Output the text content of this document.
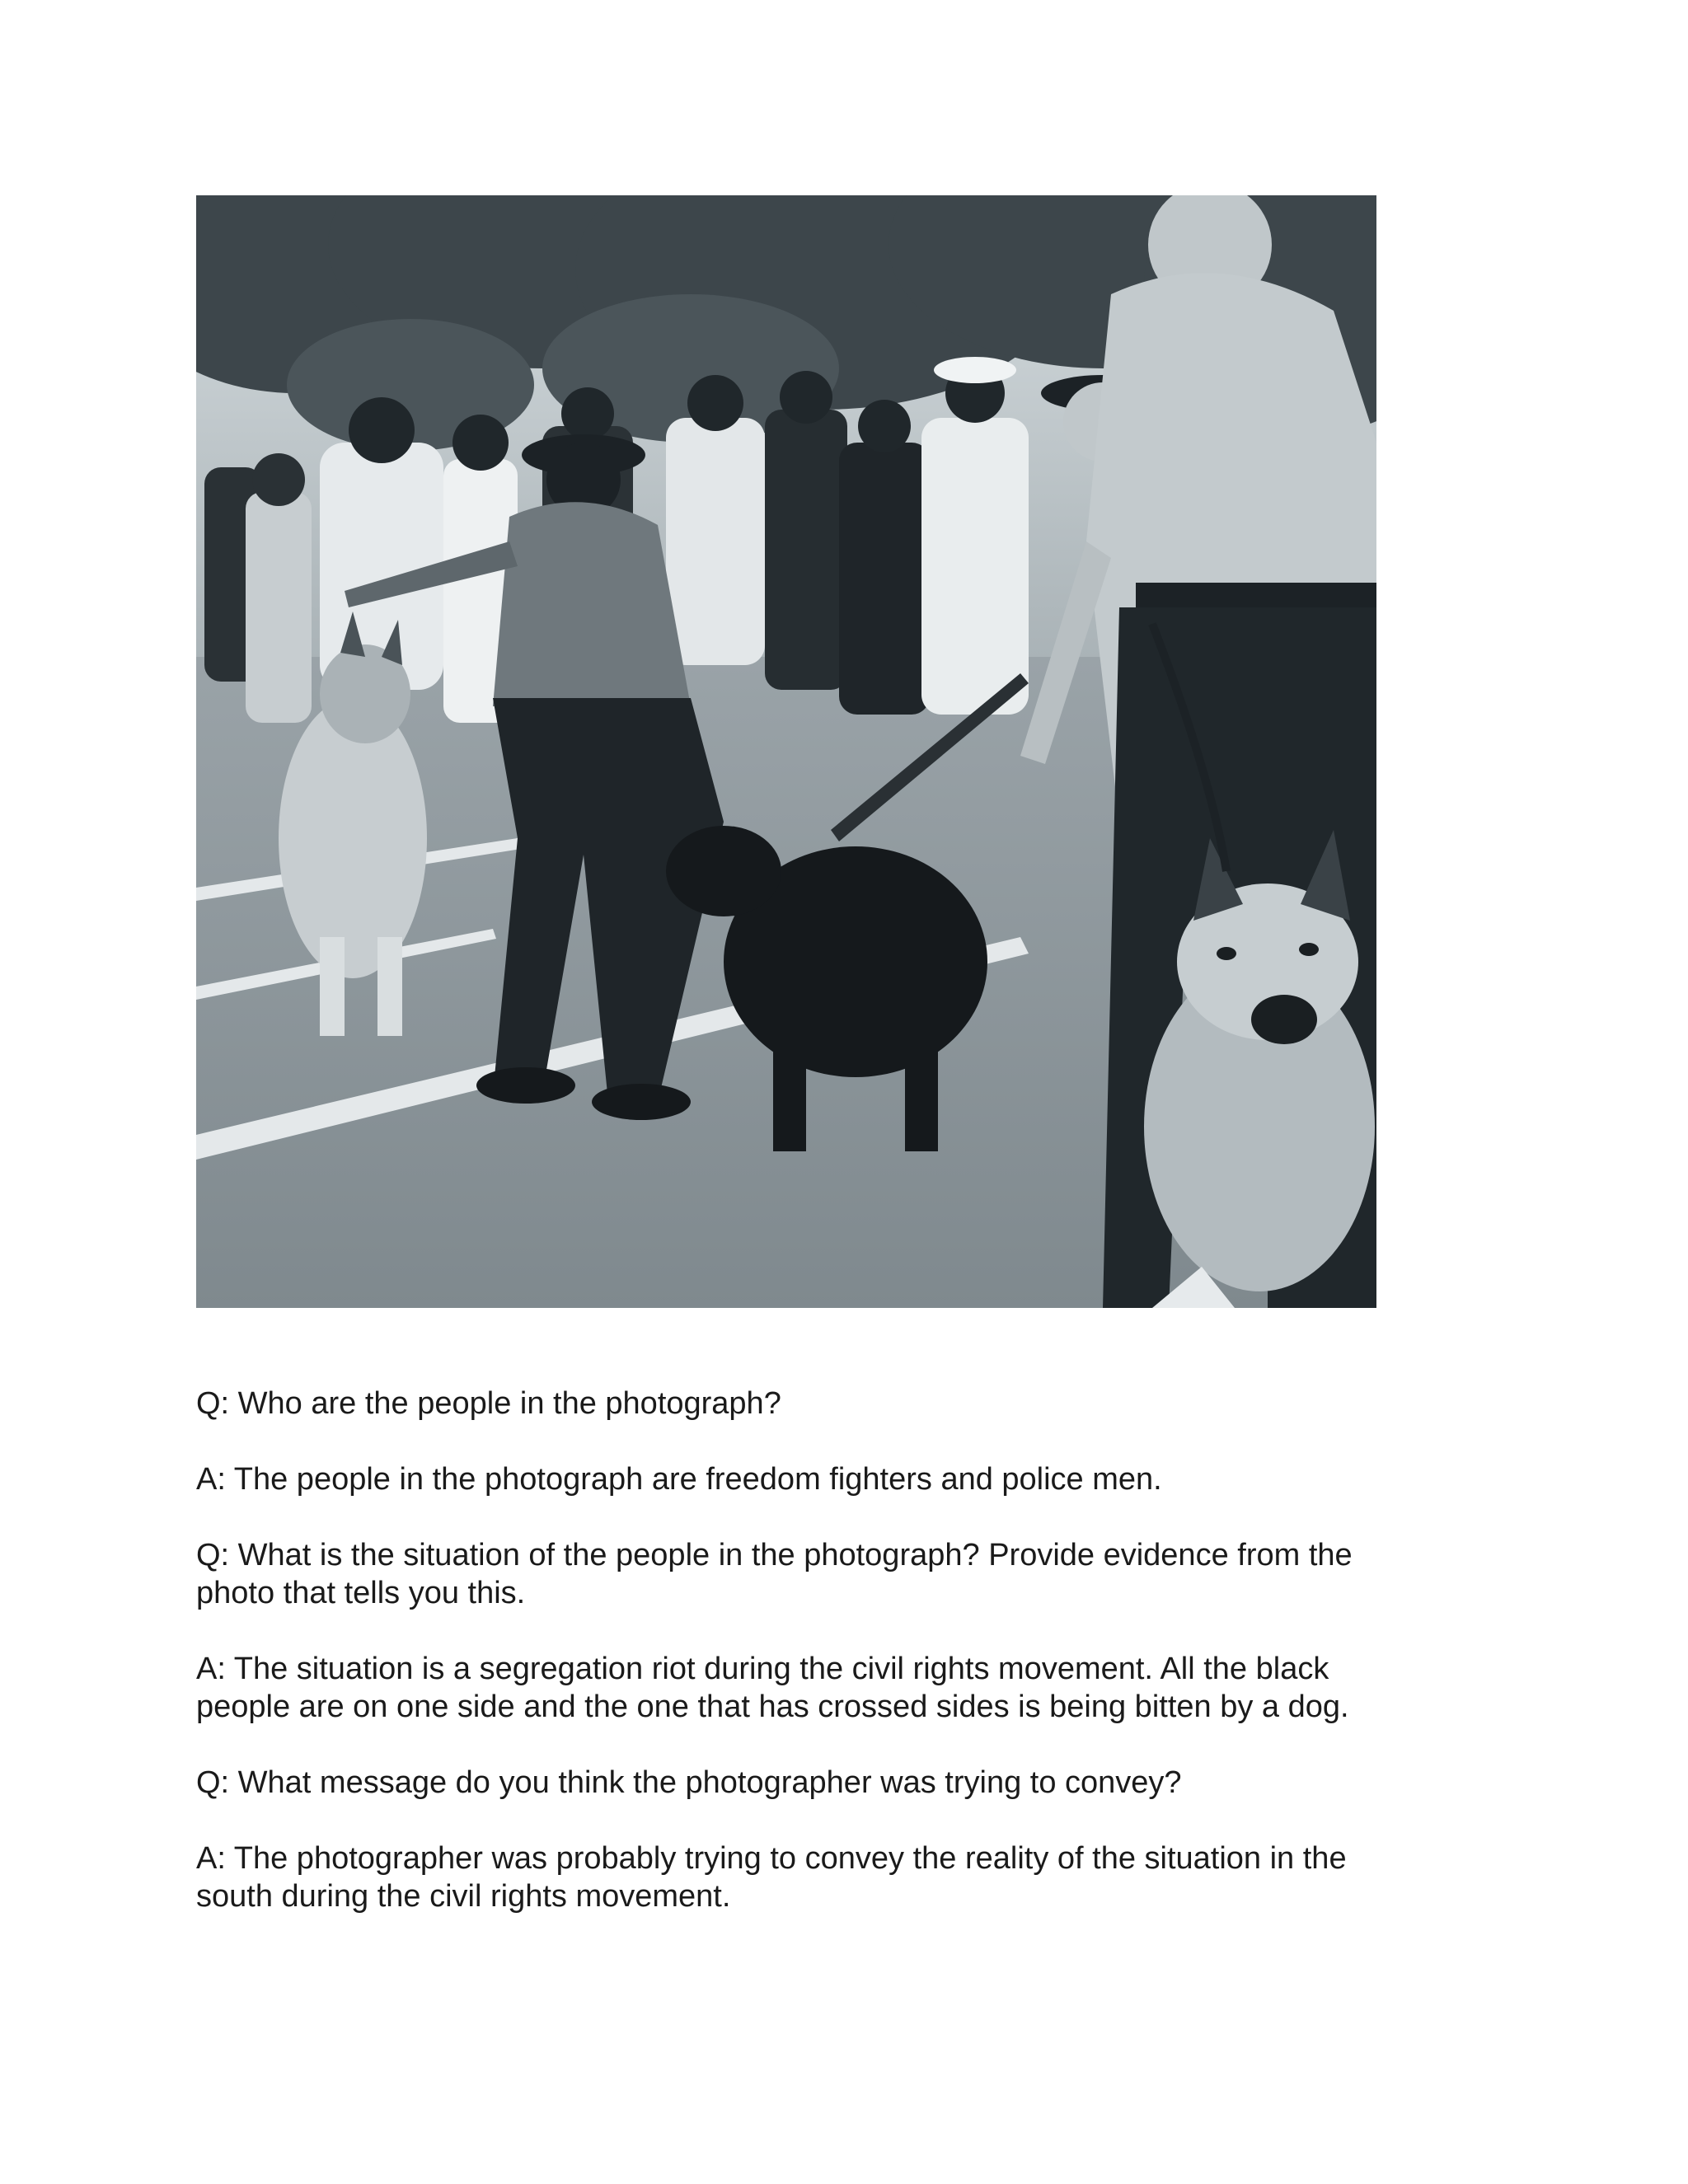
Q: Who are the people in the photograph?

A: The people in the photograph are freedom fighters and police men.

Q: What is the situation of the people in the photograph? Provide evidence from the photo that tells you this.

A: The situation is a segregation riot during the civil rights movement. All the black people are on one side and the one that has crossed sides is being bitten by a dog.

Q: What message do you think the photographer was trying to convey?

A: The photographer was probably trying to convey the reality of the situation in the south during the civil rights movement.
